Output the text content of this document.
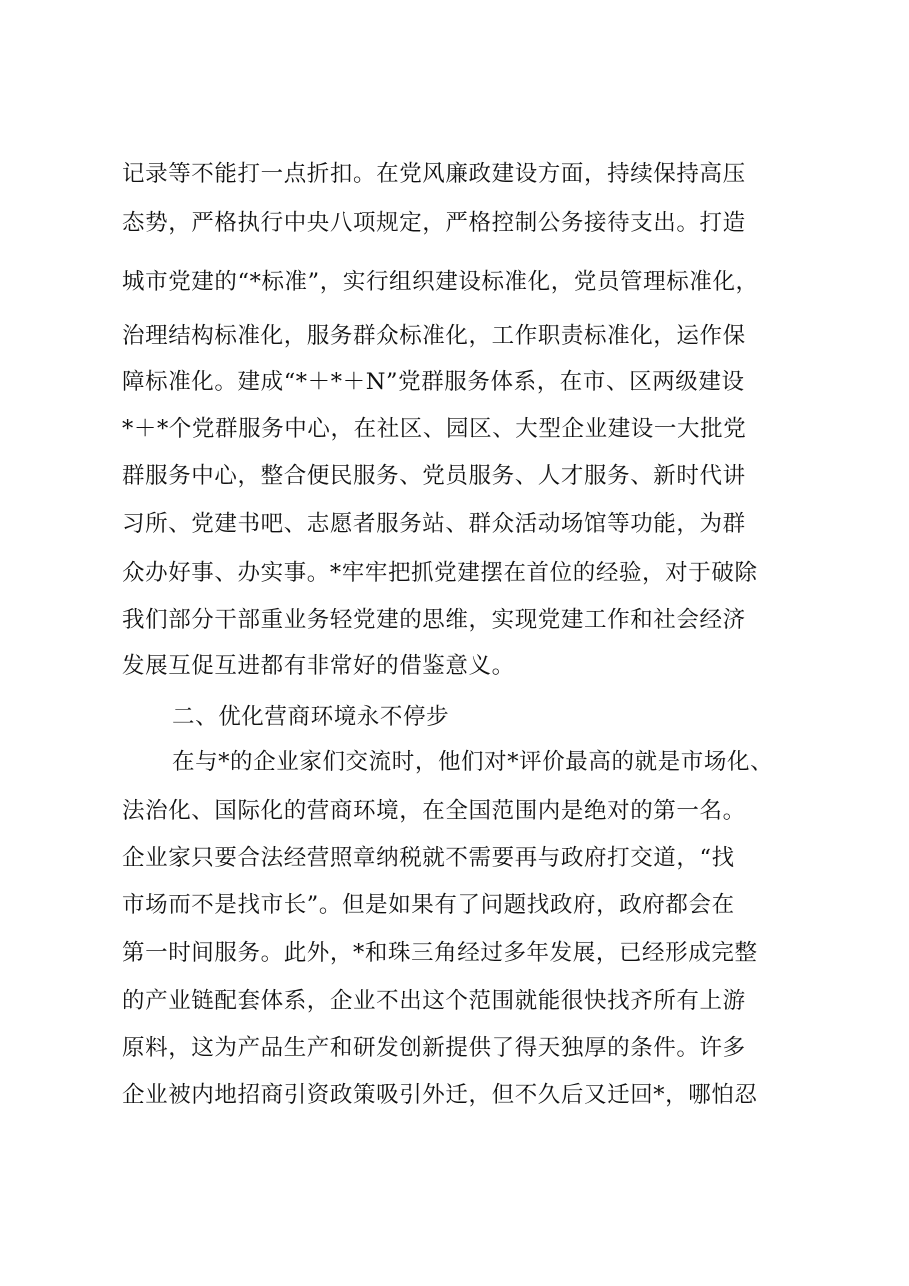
记录等不能打一点折扣。在党风廉政建设方面，持续保持高压
态势，严格执行中央八项规定，严格控制公务接待支出。打造
城市党建的“*标准”，实行组织建设标准化，党员管理标准化，
治理结构标准化，服务群众标准化，工作职责标准化，运作保
障标准化。建成“*＋*＋N”党群服务体系，在市、区两级建设
*＋*个党群服务中心，在社区、园区、大型企业建设一大批党
群服务中心，整合便民服务、党员服务、人才服务、新时代讲
习所、党建书吧、志愿者服务站、群众活动场馆等功能，为群
众办好事、办实事。*牢牢把抓党建摆在首位的经验，对于破除
我们部分干部重业务轻党建的思维，实现党建工作和社会经济
发展互促互进都有非常好的借鉴意义。
二、优化营商环境永不停步
在与*的企业家们交流时，他们对*评价最高的就是市场化、
法治化、国际化的营商环境，在全国范围内是绝对的第一名。
企业家只要合法经营照章纳税就不需要再与政府打交道，“找
市场而不是找市长”。但是如果有了问题找政府，政府都会在
第一时间服务。此外，*和珠三角经过多年发展，已经形成完整
的产业链配套体系，企业不出这个范围就能很快找齐所有上游
原料，这为产品生产和研发创新提供了得天独厚的条件。许多
企业被内地招商引资政策吸引外迁，但不久后又迁回*，哪怕忍
